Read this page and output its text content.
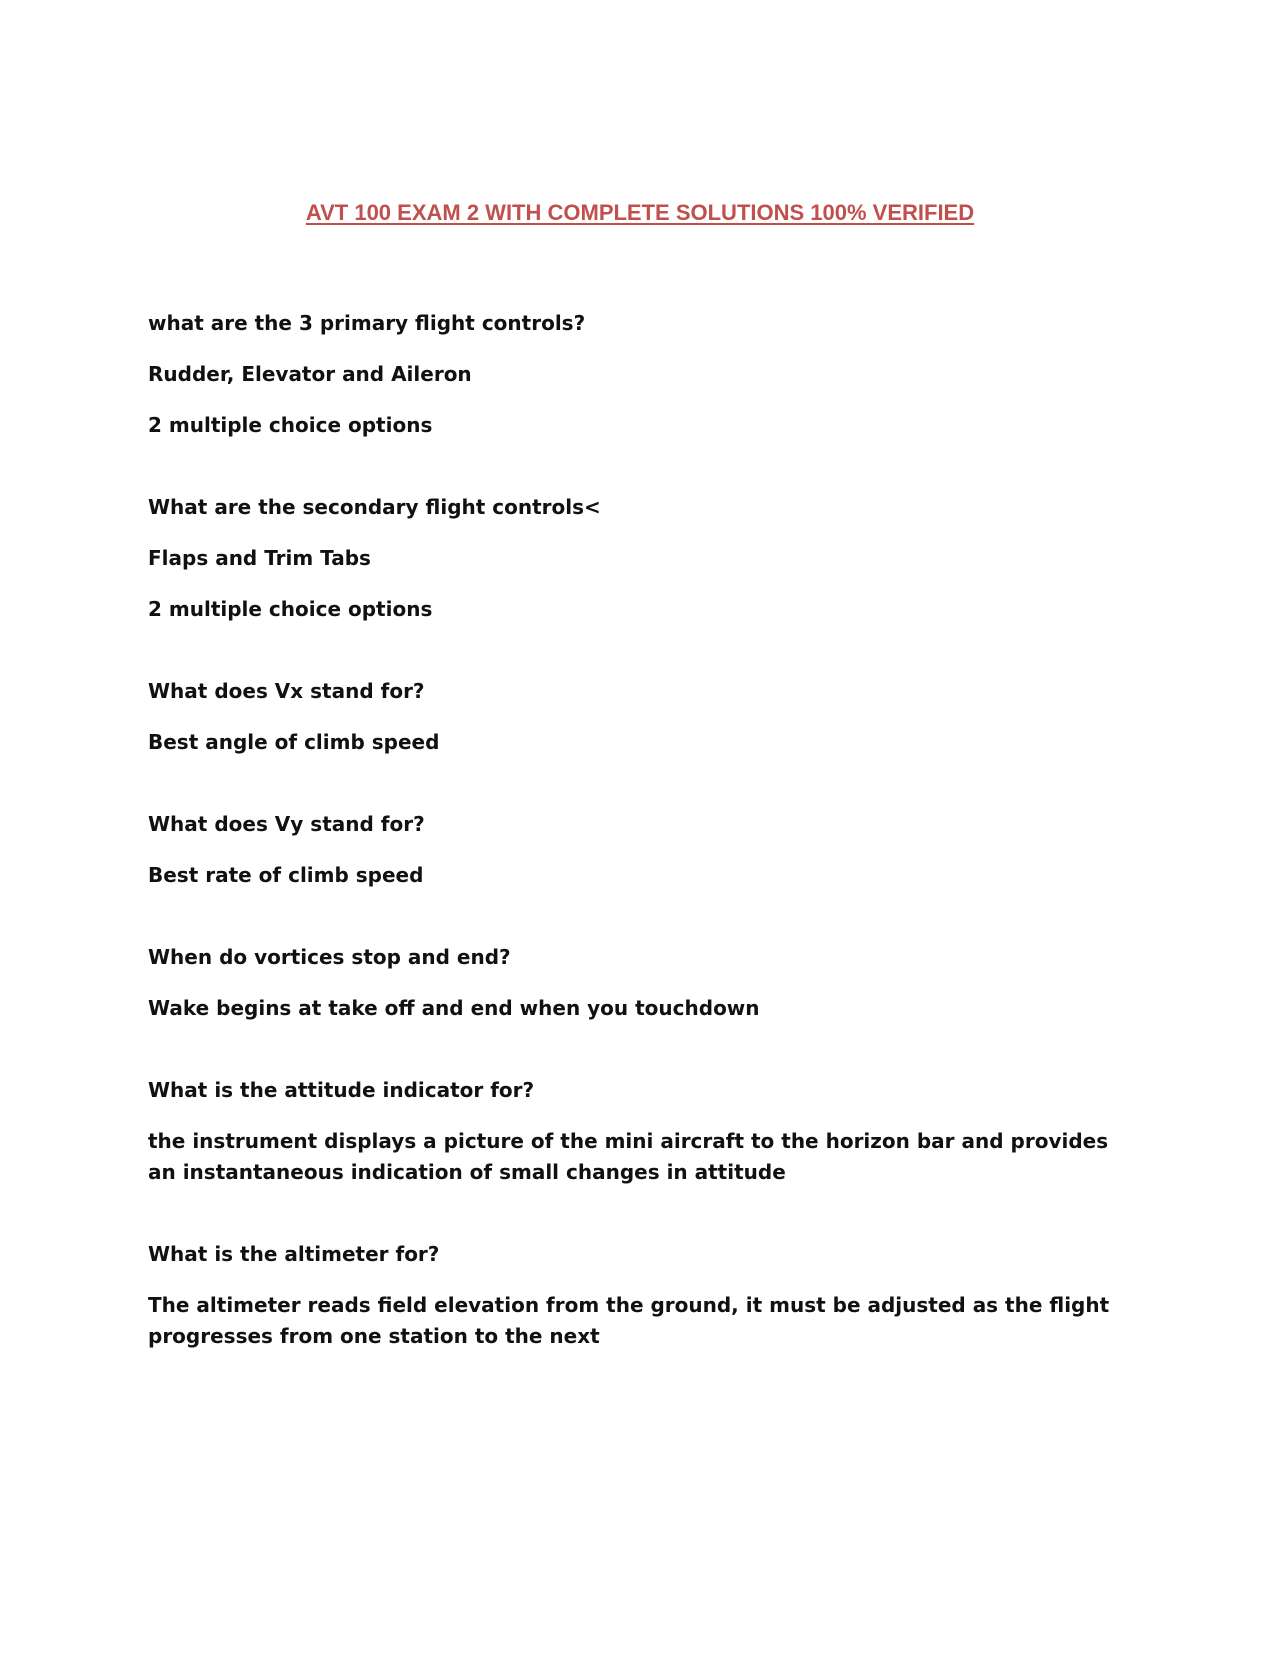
AVT 100 EXAM 2 WITH COMPLETE SOLUTIONS 100% VERIFIED

what are the 3 primary flight controls?

Rudder, Elevator and Aileron

2 multiple choice options

What are the secondary flight controls<

Flaps and Trim Tabs

2 multiple choice options

What does Vx stand for?

Best angle of climb speed

What does Vy stand for?

Best rate of climb speed

When do vortices stop and end?

Wake begins at take off and end when you touchdown

What is the attitude indicator for?

the instrument displays a picture of the mini aircraft to the horizon bar and provides an instantaneous indication of small changes in attitude

What is the altimeter for?

The altimeter reads field elevation from the ground, it must be adjusted as the flight progresses from one station to the next
